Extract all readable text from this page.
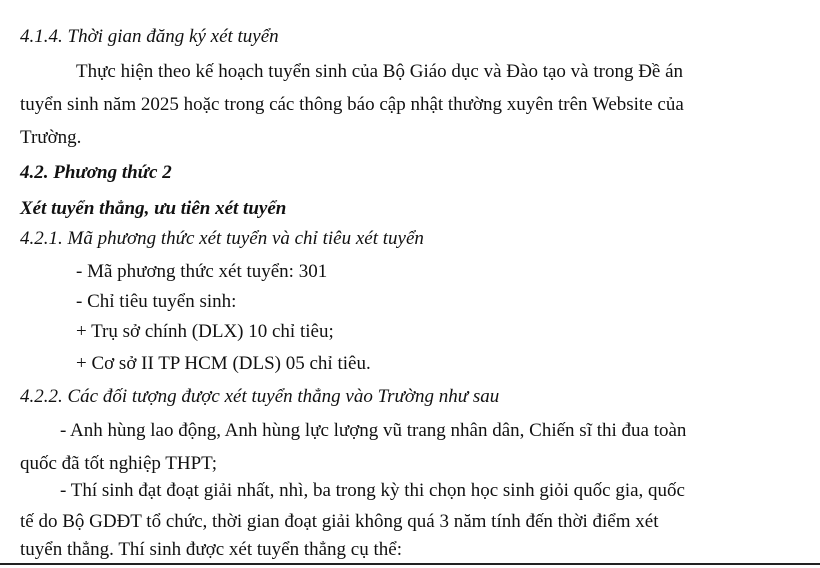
4.1.4. Thời gian đăng ký xét tuyển
Thực hiện theo kế hoạch tuyển sinh của Bộ Giáo dục và Đào tạo và trong Đề án
tuyển sinh năm 2025 hoặc trong các thông báo cập nhật thường xuyên trên Website của
Trường.
4.2. Phương thức 2
Xét tuyển thẳng, ưu tiên xét tuyển
4.2.1. Mã phương thức xét tuyển và chỉ tiêu xét tuyển
- Mã phương thức xét tuyển: 301
- Chỉ tiêu tuyển sinh:
+ Trụ sở chính (DLX) 10 chỉ tiêu;
+ Cơ sở II TP HCM (DLS) 05 chỉ tiêu.
4.2.2. Các đối tượng được xét tuyển thẳng vào Trường như sau
- Anh hùng lao động, Anh hùng lực lượng vũ trang nhân dân, Chiến sĩ thi đua toàn
quốc đã tốt nghiệp THPT;
- Thí sinh đạt đoạt giải nhất, nhì, ba trong kỳ thi chọn học sinh giỏi quốc gia, quốc
tế do Bộ GDĐT tổ chức, thời gian đoạt giải không quá 3 năm tính đến thời điểm xét
tuyển thẳng. Thí sinh được xét tuyển thẳng cụ thể:
